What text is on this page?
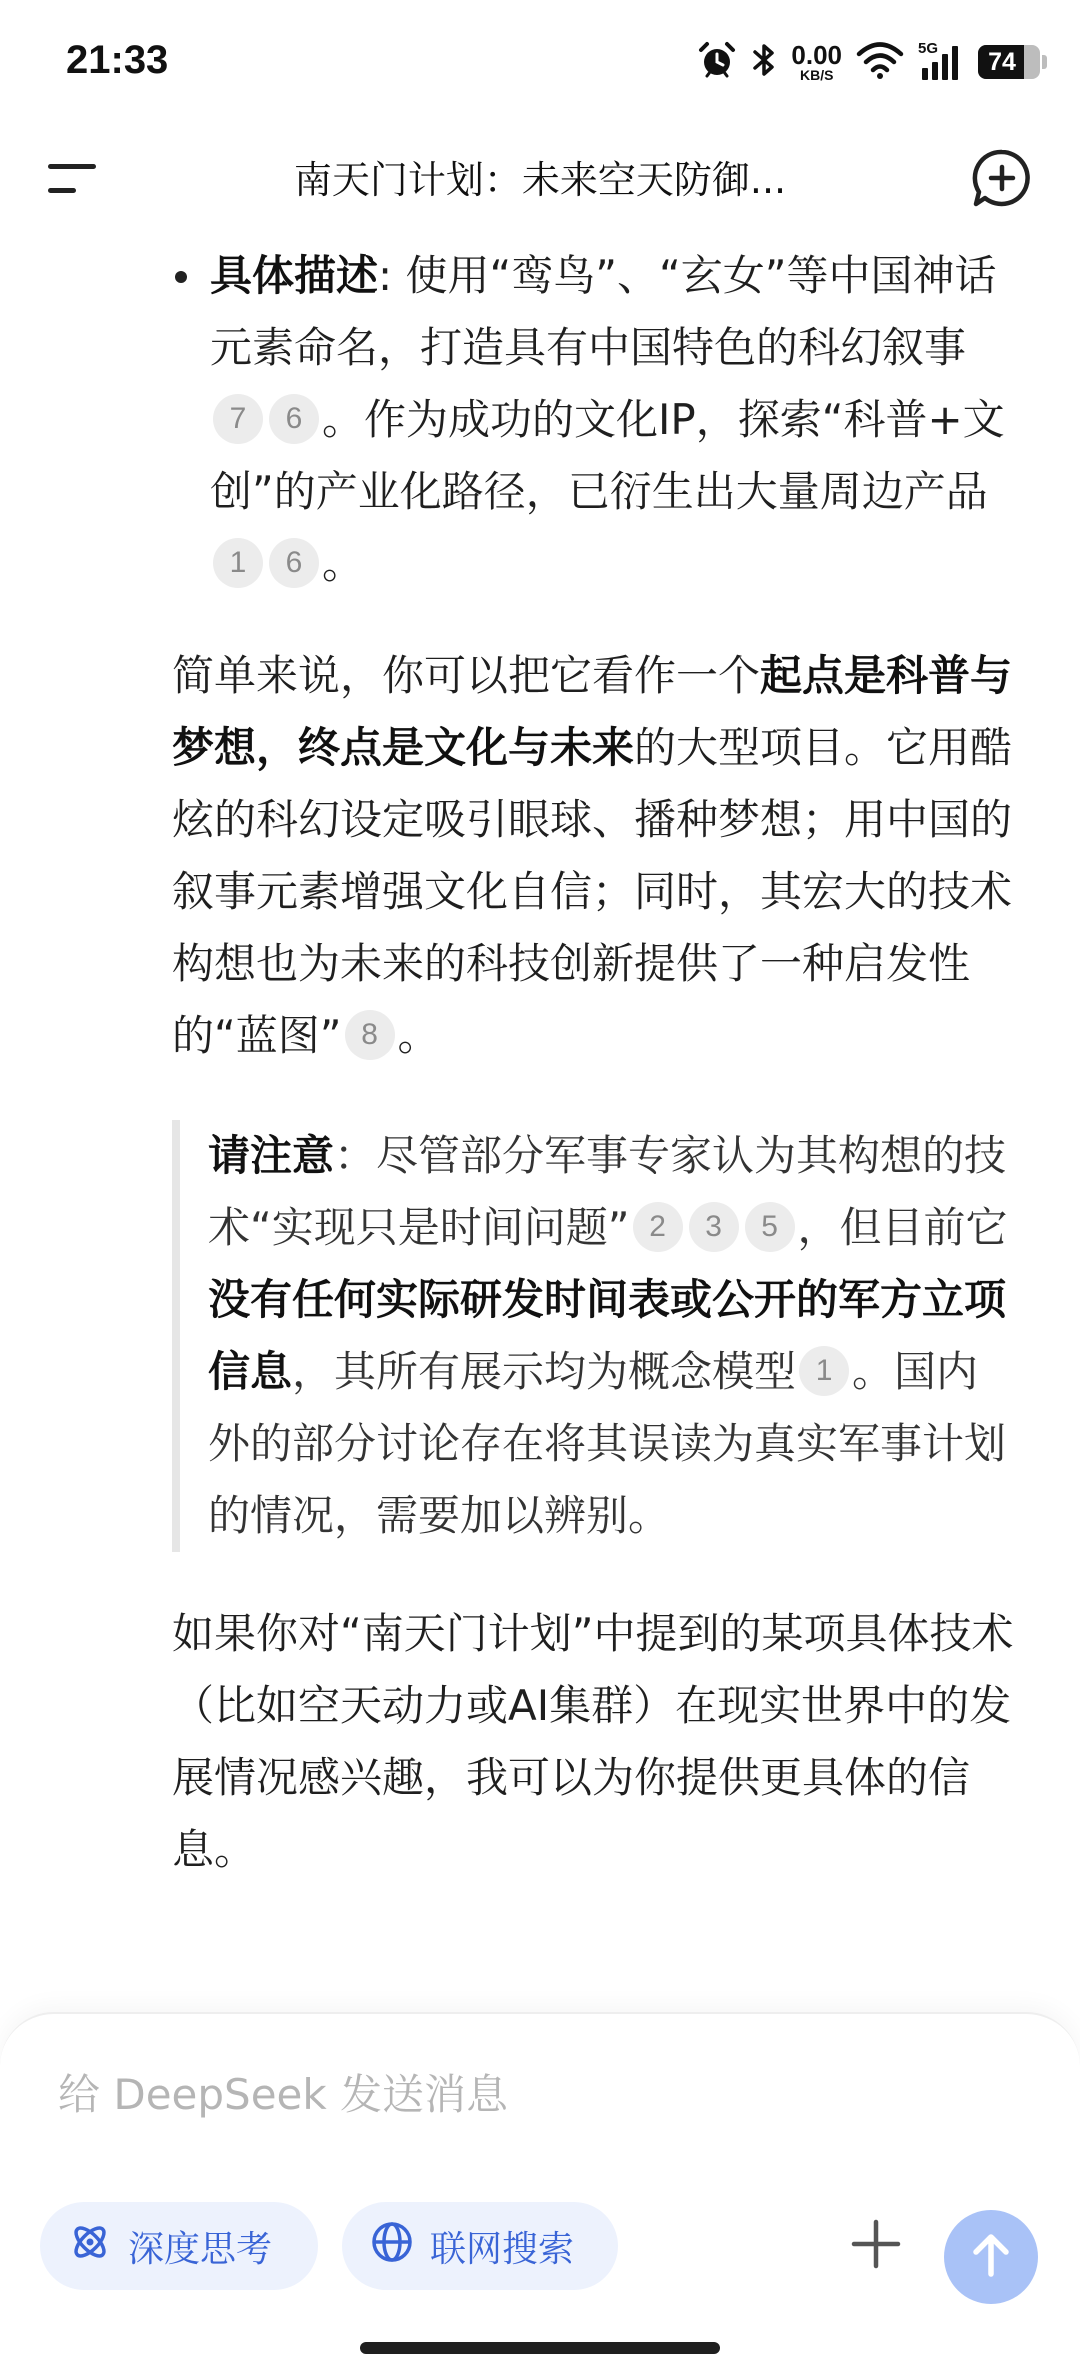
21:33	0.00
KB/S
5G	74
南天门计划：未来空天防御...
具体描述: 使用“鸾鸟”、“玄女”等中国神话元素命名，打造具有中国特色的科幻叙事7 6 。作为成功的文化IP，探索“科普+文创”的产业化路径，已衍生出大量周边产品1 6 。
简单来说，你可以把它看作一个起点是科普与梦想，终点是文化与未来的大型项目。它用酷炫的科幻设定吸引眼球、播种梦想；用中国的叙事元素增强文化自信；同时，其宏大的技术构想也为未来的科技创新提供了一种启发性的“蓝图” 8 。
请注意：尽管部分军事专家认为其构想的技术“实现只是时间问题” 2 3 5 ，但目前它没有任何实际研发时间表或公开的军方立项信息，其所有展示均为概念模型 1 。国内外的部分讨论存在将其误读为真实军事计划的情况，需要加以辨别。
如果你对“南天门计划”中提到的某项具体技术（比如空天动力或AI集群）在现实世界中的发展情况感兴趣，我可以为你提供更具体的信息。
给 DeepSeek 发送消息
深度思考	联网搜索
